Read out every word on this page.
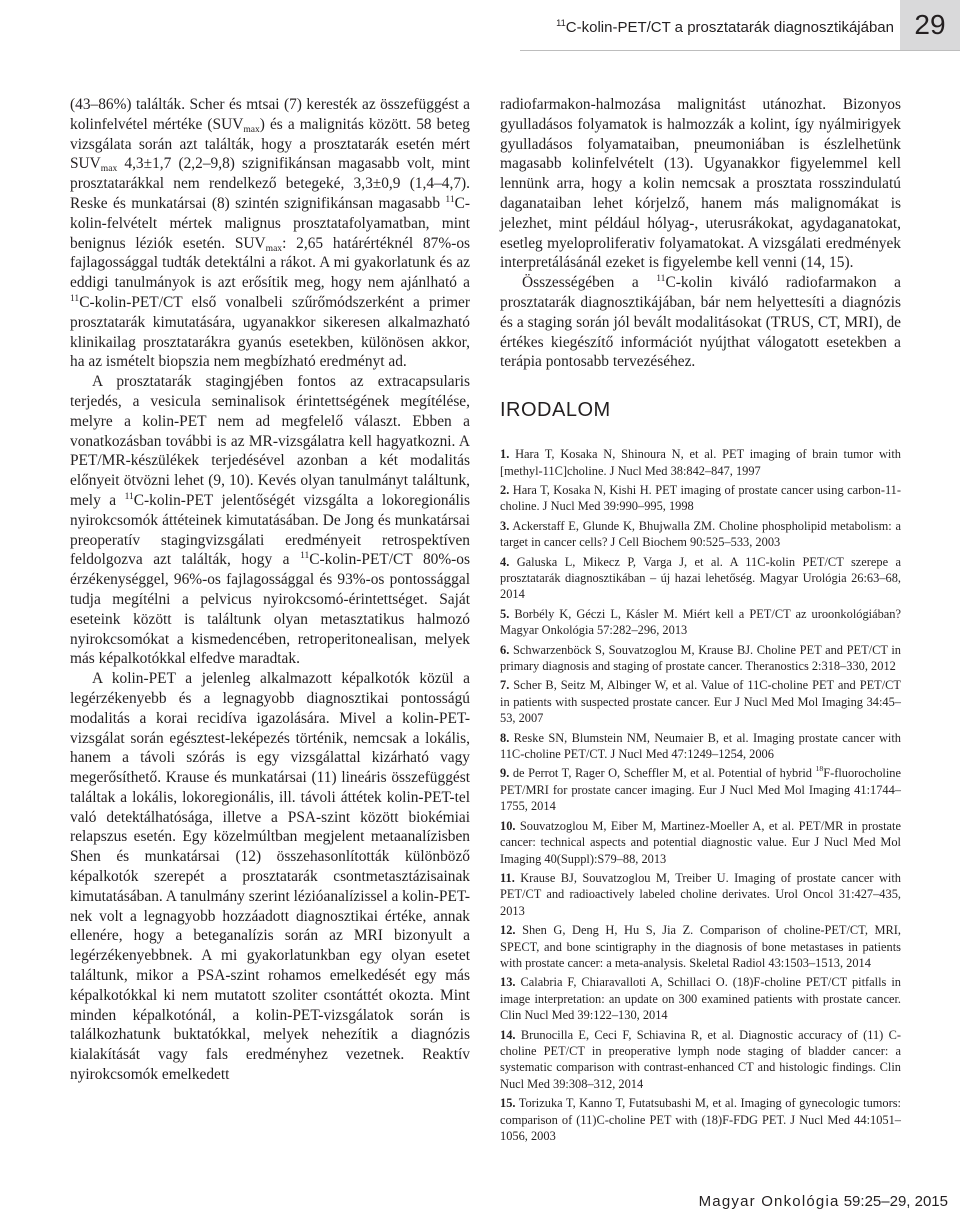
$^{11}$C-kolin-PET/CT a prosztatarák diagnosztikájában 29

(43–86%) találták. Scher és mtsai (7) keresték az összefüggést a kolinfelvétel mértéke $(SUV_{max})$ és a malignitás között. 58 beteg vizsgálata során azt találták, hogy a prosztatarák esetén mért $SUV_{max}$ 4,3±1,7 (2,2–9,8) szignifikánsan magasabb volt, mint prosztatarákkal nem rendelkező betegeké, 3,3±0,9 (1,4–4,7). Reske és munkatársai (8) szintén szignifikánsan magasabb $^{11}$C-kolin-felvételt mértek malignus prosztatafolyamatban, mint benignus léziók esetén. $SUV_{max}$: 2,65 határértéknél 87%-os fajlagossággal tudták detektálni a rákot. A mi gyakorlatunk és az eddigi tanulmányok is azt erősítik meg, hogy nem ajánlható a $^{11}$C-kolin-PET/CT első vonalbeli szűrőmódszerként a primer prosztatarák kimutatására, ugyanakkor sikeresen alkalmazható klinikailag prosztatarákra gyanús esetekben, különösen akkor, ha az ismételt biopszia nem megbízható eredményt ad.

A prosztatarák stagingjében fontos az extracapsularis terjedés, a vesicula seminalisok érintettségének megítélése, melyre a kolin-PET nem ad megfelelő választ. Ebben a vonatkozásban további is az MR-vizsgálatra kell hagyatkozni. A PET/MR-készülékek terjedésével azonban a két modalitás előnyeit ötvözni lehet (9, 10). Kevés olyan tanulmányt találtunk, mely a $^{11}$C-kolin-PET jelentőségét vizsgálta a lokoregionális nyirokcsomók áttéteinek kimutatásában. De Jong és munkatársai preoperatív stagingvizsgálati eredményeit retrospektíven feldolgozva azt találták, hogy a $^{11}$C-kolin-PET/CT 80%-os érzékenységgel, 96%-os fajlagossággal és 93%-os pontossággal tudja megítélni a pelvicus nyirokcsomó-érintettséget. Saját eseteink között is találtunk olyan metasztatikus halmozó nyirokcsomókat a kismedencében, retroperitonealisan, melyek más képalkotókkal elfedve maradtak.

A kolin-PET a jelenleg alkalmazott képalkotók közül a legérzékenyebb és a legnagyobb diagnosztikai pontosságú modalitás a korai recidíva igazolására. Mivel a kolin-PET-vizsgálat során egésztest-leképezés történik, nemcsak a lokális, hanem a távoli szórás is egy vizsgálattal kizárható vagy megerősíthető. Krause és munkatársai (11) lineáris összefüggést találtak a lokális, lokoregionális, ill. távoli áttétek kolin-PET-tel való detektálhatósága, illetve a PSA-szint között biokémiai relapszus esetén. Egy közelmúltban megjelent metaanalízisben Shen és munkatársai (12) összehasonlították különböző képalkotók szerepét a prosztatarák csontmetasztázisainak kimutatásában. A tanulmány szerint lézióanalízissel a kolin-PET-nek volt a legnagyobb hozzáadott diagnosztikai értéke, annak ellenére, hogy a beteganalízis során az MRI bizonyult a legérzékenyebbnek. A mi gyakorlatunkban egy olyan esetet találtunk, mikor a PSA-szint rohamos emelkedését egy más képalkotókkal ki nem mutatott szoliter csontáttét okozta. Mint minden képalkotónál, a kolin-PET-vizsgálatok során is találkozhatunk buktatókkal, melyek nehezítik a diagnózis kialakítását vagy fals eredményhez vezetnek. Reaktív nyirokcsomók emelkedett

radiofarmakon-halmozása malignitást utánozhat. Bizonyos gyulladásos folyamatok is halmozzák a kolint, így nyálmirigyek gyulladásos folyamataiban, pneumoniában is észlelhetünk magasabb kolinfelvételt (13). Ugyanakkor figyelemmel kell lennünk arra, hogy a kolin nemcsak a prosztata rosszindulatú daganataiban lehet kórjelző, hanem más malignomákat is jelezhet, mint például hólyag-, uterusrákokat, agydaganatokat, esetleg myeloproliferativ folyamatokat. A vizsgálati eredmények interpretálásánál ezeket is figyelembe kell venni (14, 15).

Összességében a $^{11}$C-kolin kiváló radiofarmakon a prosztatarák diagnosztikájában, bár nem helyettesíti a diagnózis és a staging során jól bevált modalitásokat (TRUS, CT, MRI), de értékes kiegészítő információt nyújthat válogatott esetekben a terápia pontosabb tervezéséhez.

IRODALOM

1. Hara T, Kosaka N, Shinoura N, et al. PET imaging of brain tumor with [methyl-11C]choline. J Nucl Med 38:842–847, 1997

2. Hara T, Kosaka N, Kishi H. PET imaging of prostate cancer using carbon-11-choline. J Nucl Med 39:990–995, 1998

3. Ackerstaff E, Glunde K, Bhujwalla ZM. Choline phospholipid metabolism: a target in cancer cells? J Cell Biochem 90:525–533, 2003

4. Galuska L, Mikecz P, Varga J, et al. A 11C-kolin PET/CT szerepe a prosztatarák diagnosztikában – új hazai lehetőség. Magyar Urológia 26:63–68, 2014

5. Borbély K, Géczi L, Kásler M. Miért kell a PET/CT az uroonkológiában? Magyar Onkológia 57:282–296, 2013

6. Schwarzenböck S, Souvatzoglou M, Krause BJ. Choline PET and PET/CT in primary diagnosis and staging of prostate cancer. Theranostics 2:318–330, 2012

7. Scher B, Seitz M, Albinger W, et al. Value of 11C-choline PET and PET/CT in patients with suspected prostate cancer. Eur J Nucl Med Mol Imaging 34:45–53, 2007

8. Reske SN, Blumstein NM, Neumaier B, et al. Imaging prostate cancer with 11C-choline PET/CT. J Nucl Med 47:1249–1254, 2006

9. de Perrot T, Rager O, Scheffler M, et al. Potential of hybrid $^{18}$F-fluorocholine PET/MRI for prostate cancer imaging. Eur J Nucl Med Mol Imaging 41:1744–1755, 2014

10. Souvatzoglou M, Eiber M, Martinez-Moeller A, et al. PET/MR in prostate cancer: technical aspects and potential diagnostic value. Eur J Nucl Med Mol Imaging 40(Suppl):S79–88, 2013

11. Krause BJ, Souvatzoglou M, Treiber U. Imaging of prostate cancer with PET/CT and radioactively labeled choline derivates. Urol Oncol 31:427–435, 2013

12. Shen G, Deng H, Hu S, Jia Z. Comparison of choline-PET/CT, MRI, SPECT, and bone scintigraphy in the diagnosis of bone metastases in patients with prostate cancer: a meta-analysis. Skeletal Radiol 43:1503–1513, 2014

13. Calabria F, Chiaravalloti A, Schillaci O. (18)F-choline PET/CT pitfalls in image interpretation: an update on 300 examined patients with prostate cancer. Clin Nucl Med 39:122–130, 2014

14. Brunocilla E, Ceci F, Schiavina R, et al. Diagnostic accuracy of (11) C-choline PET/CT in preoperative lymph node staging of bladder cancer: a systematic comparison with contrast-enhanced CT and histologic findings. Clin Nucl Med 39:308–312, 2014

15. Torizuka T, Kanno T, Futatsubashi M, et al. Imaging of gynecologic tumors: comparison of (11)C-choline PET with (18)F-FDG PET. J Nucl Med 44:1051–1056, 2003

Magyar Onkológia 59:25–29, 2015
